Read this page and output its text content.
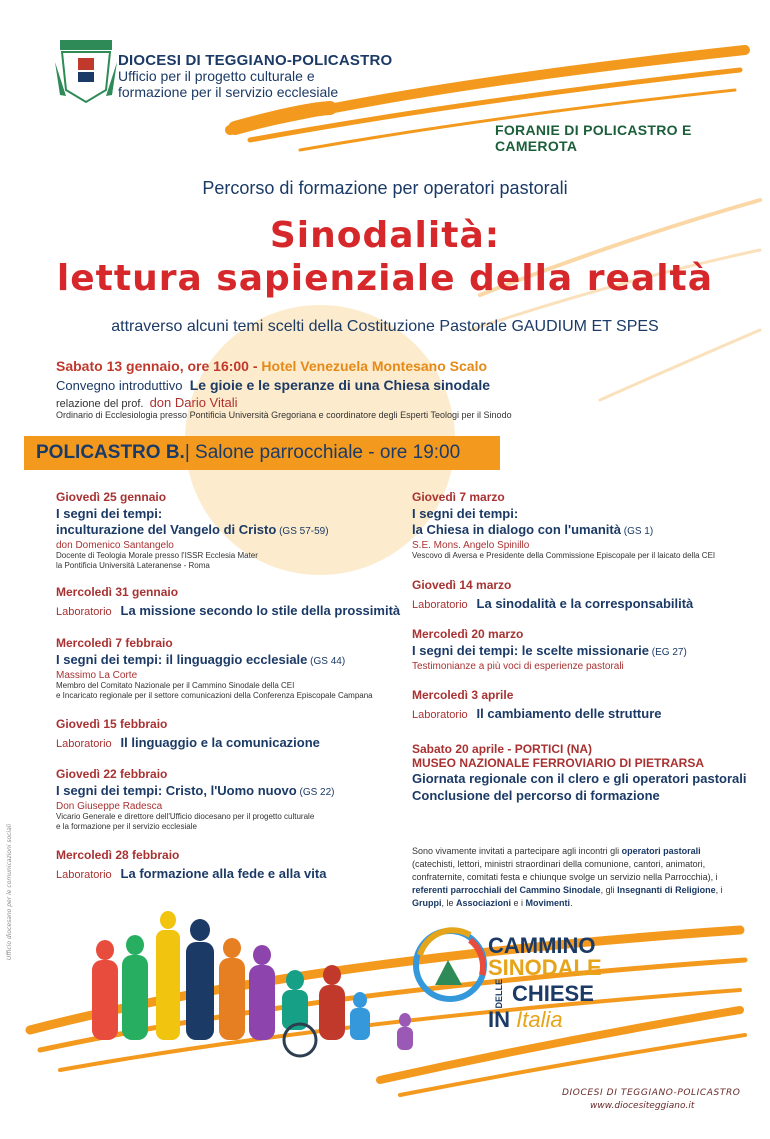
DIOCESI DI TEGGIANO-POLICASTRO
Ufficio per il progetto culturale e
formazione per il servizio ecclesiale
FORANIE DI POLICASTRO E CAMEROTA
Percorso di formazione per operatori pastorali
Sinodalità:
lettura sapienziale della realtà
attraverso alcuni temi scelti della Costituzione Pastorale GAUDIUM ET SPES
Sabato 13 gennaio, ore 16:00 - Hotel Venezuela Montesano Scalo
Convegno introduttivo Le gioie e le speranze di una Chiesa sinodale
relazione del prof. don Dario Vitali
Ordinario di Ecclesiologia presso Pontificia Università Gregoriana e coordinatore degli Esperti Teologi per il Sinodo
POLICASTRO B. | Salone parrocchiale - ore 19:00
Giovedì 25 gennaio
I segni dei tempi:
inculturazione del Vangelo di Cristo (GS 57-59)
don Domenico Santangelo
Docente di Teologia Morale presso l'ISSR Ecclesia Mater
la Pontificia Università Lateranense - Roma
Mercoledì 31 gennaio
Laboratorio La missione secondo lo stile della prossimità
Mercoledì 7 febbraio
I segni dei tempi: il linguaggio ecclesiale (GS 44)
Massimo La Corte
Membro del Comitato Nazionale per il Cammino Sinodale della CEI
e Incaricato regionale per il settore comunicazioni della Conferenza Episcopale Campana
Giovedì 15 febbraio
Laboratorio Il linguaggio e la comunicazione
Giovedì 22 febbraio
I segni dei tempi: Cristo, l'Uomo nuovo (GS 22)
Don Giuseppe Radesca
Vicario Generale e direttore dell'Ufficio diocesano per il progetto culturale
e la formazione per il servizio ecclesiale
Mercoledì 28 febbraio
Laboratorio La formazione alla fede e alla vita
Giovedì 7 marzo
I segni dei tempi:
la Chiesa in dialogo con l'umanità (GS 1)
S.E. Mons. Angelo Spinillo
Vescovo di Aversa e Presidente della Commissione Episcopale per il laicato della CEI
Giovedì 14 marzo
Laboratorio La sinodalità e la corresponsabilità
Mercoledì 20 marzo
I segni dei tempi: le scelte missionarie (EG 27)
Testimonianze a più voci di esperienze pastorali
Mercoledì 3 aprile
Laboratorio Il cambiamento delle strutture
Sabato 20 aprile - PORTICI (NA)
MUSEO NAZIONALE FERROVIARIO DI PIETRARSA
Giornata regionale con il clero e gli operatori pastorali
Conclusione del percorso di formazione
Sono vivamente invitati a partecipare agli incontri gli operatori pastorali (catechisti, lettori, ministri straordinari della comunione, cantori, animatori, confraternite, comitati festa e chiunque svolge un servizio nella Parrocchia), i referenti parrocchiali del Cammino Sinodale, gli Insegnanti di Religione, i Gruppi, le Associazioni e i Movimenti.
CAMMINO
SINODALE
DELLE CHIESE
IN Italia
DIOCESI DI TEGGIANO-POLICASTRO
www.diocesiteggiano.it
Ufficio diocesano per le comunicazioni sociali
